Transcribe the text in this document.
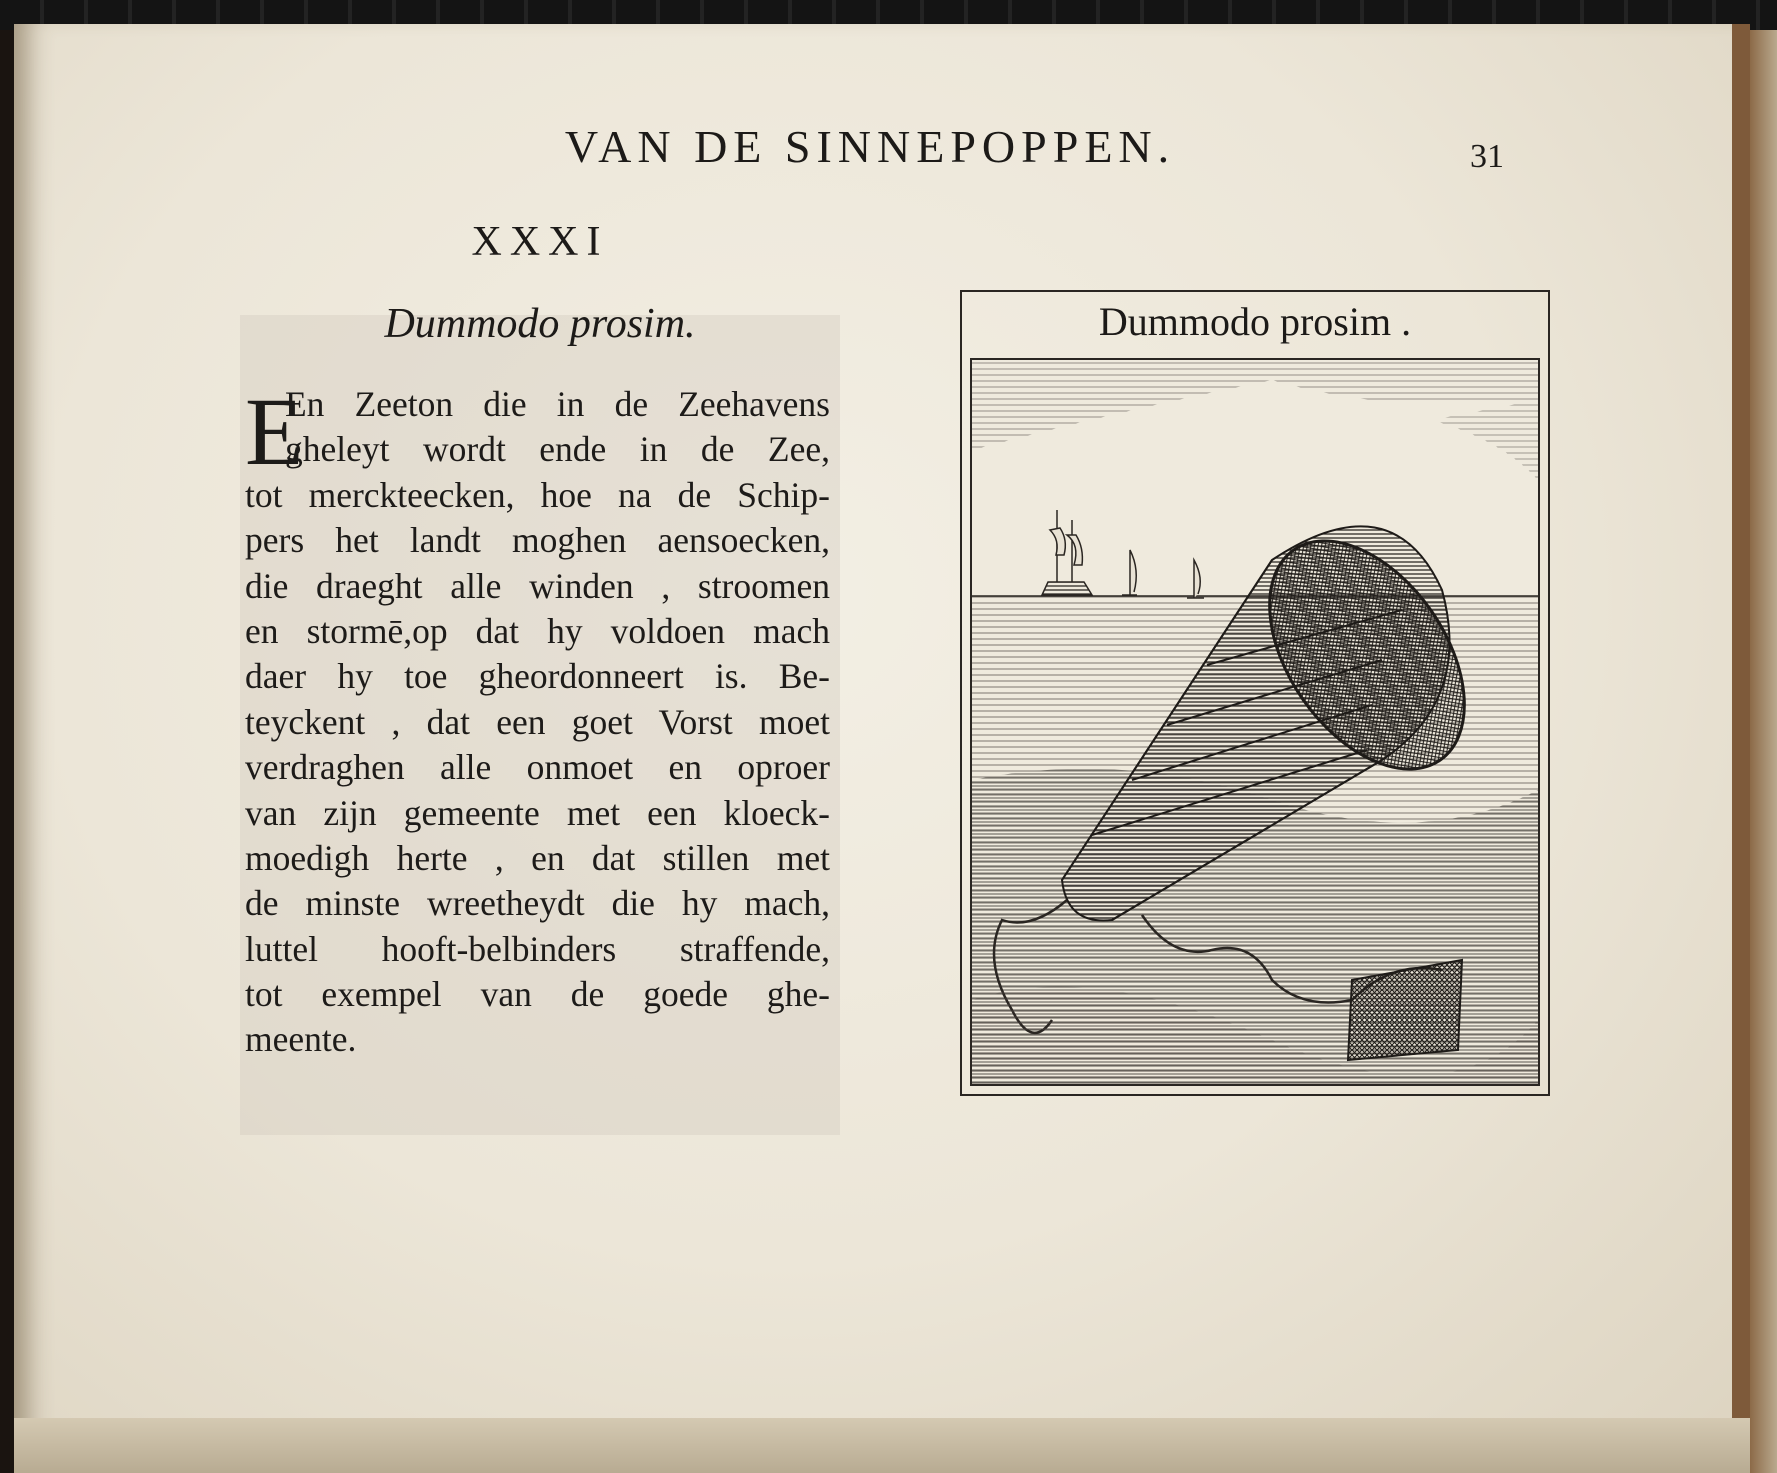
VAN DE SINNEPOPPEN.	31
XXXI
Dummodo prosim.
E
En Zeeton die in de Zeehavens
gheleyt wordt ende in de Zee,
tot merckteecken, hoe na de Schip-
pers het landt moghen aensoecken,
die draeght alle winden , stroomen
en stormē,op dat hy voldoen mach
daer hy toe gheordonneert is. Be-
teyckent , dat een goet Vorst moet
verdraghen alle onmoet en oproer
van zijn gemeente met een kloeck-
moedigh herte , en dat stillen met
de minste wreetheydt die hy mach,
luttel hooft-belbinders straffende,
tot exempel van de goede ghe-
meente.
Dummodo prosim .
